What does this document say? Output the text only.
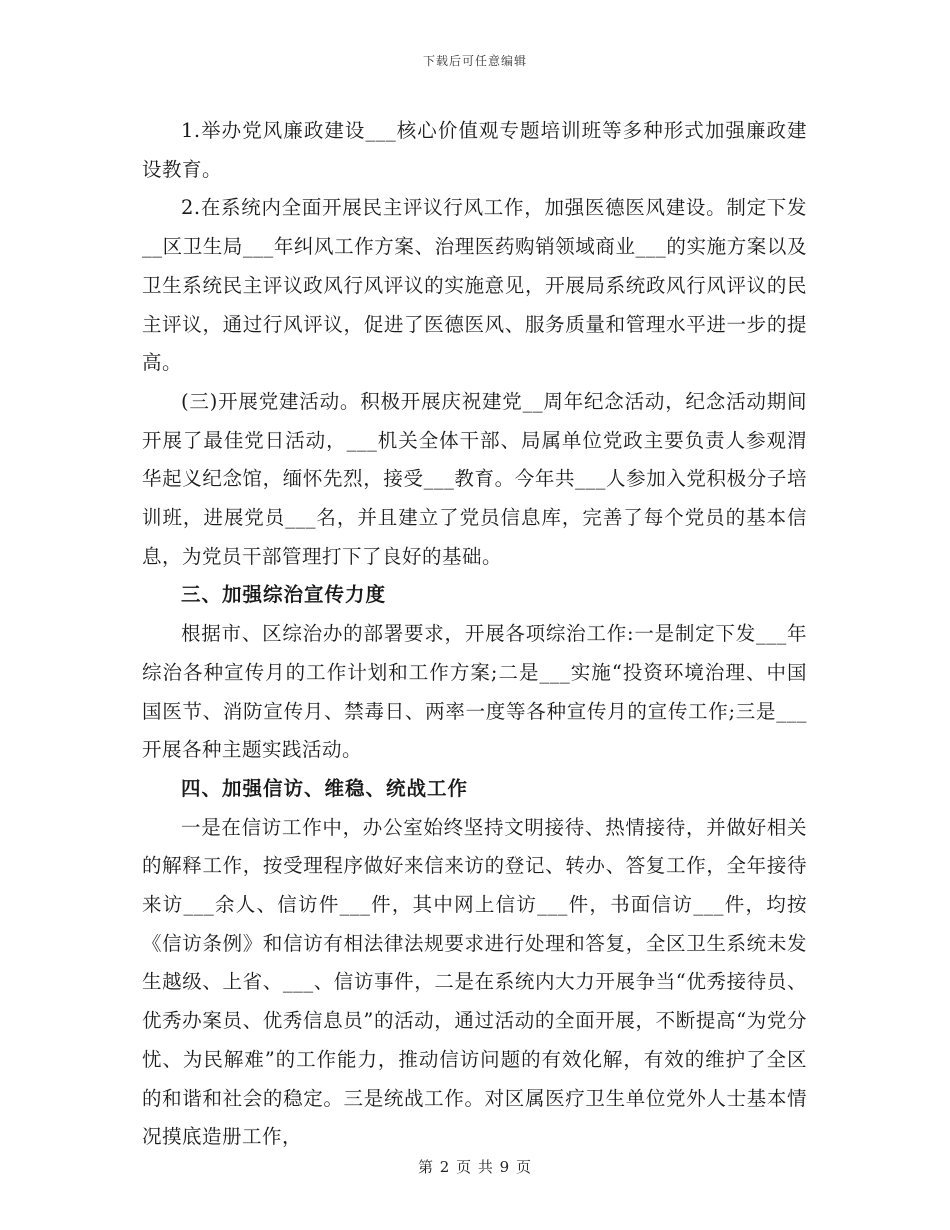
下载后可任意编辑

1.举办党风廉政建设___核心价值观专题培训班等多种形式加强廉政建设教育。

2.在系统内全面开展民主评议行风工作，加强医德医风建设。制定下发__区卫生局___年纠风工作方案、治理医药购销领域商业___的实施方案以及卫生系统民主评议政风行风评议的实施意见，开展局系统政风行风评议的民主评议，通过行风评议，促进了医德医风、服务质量和管理水平进一步的提高。

(三)开展党建活动。积极开展庆祝建党__周年纪念活动，纪念活动期间开展了最佳党日活动，___机关全体干部、局属单位党政主要负责人参观渭华起义纪念馆，缅怀先烈，接受___教育。今年共___人参加入党积极分子培训班，进展党员___名，并且建立了党员信息库，完善了每个党员的基本信息，为党员干部管理打下了良好的基础。

三、加强综治宣传力度

根据市、区综治办的部署要求，开展各项综治工作:一是制定下发___年综治各种宣传月的工作计划和工作方案;二是___实施“投资环境治理、中国国医节、消防宣传月、禁毒日、两率一度等各种宣传月的宣传工作;三是___开展各种主题实践活动。

四、加强信访、维稳、统战工作

一是在信访工作中，办公室始终坚持文明接待、热情接待，并做好相关的解释工作，按受理程序做好来信来访的登记、转办、答复工作，全年接待来访___余人、信访件___件，其中网上信访___件，书面信访___件，均按《信访条例》和信访有相法律法规要求进行处理和答复，全区卫生系统未发生越级、上省、___、信访事件，二是在系统内大力开展争当“优秀接待员、优秀办案员、优秀信息员”的活动，通过活动的全面开展，不断提高“为党分忧、为民解难”的工作能力，推动信访问题的有效化解，有效的维护了全区的和谐和社会的稳定。三是统战工作。对区属医疗卫生单位党外人士基本情况摸底造册工作，

第 2 页 共 9 页
